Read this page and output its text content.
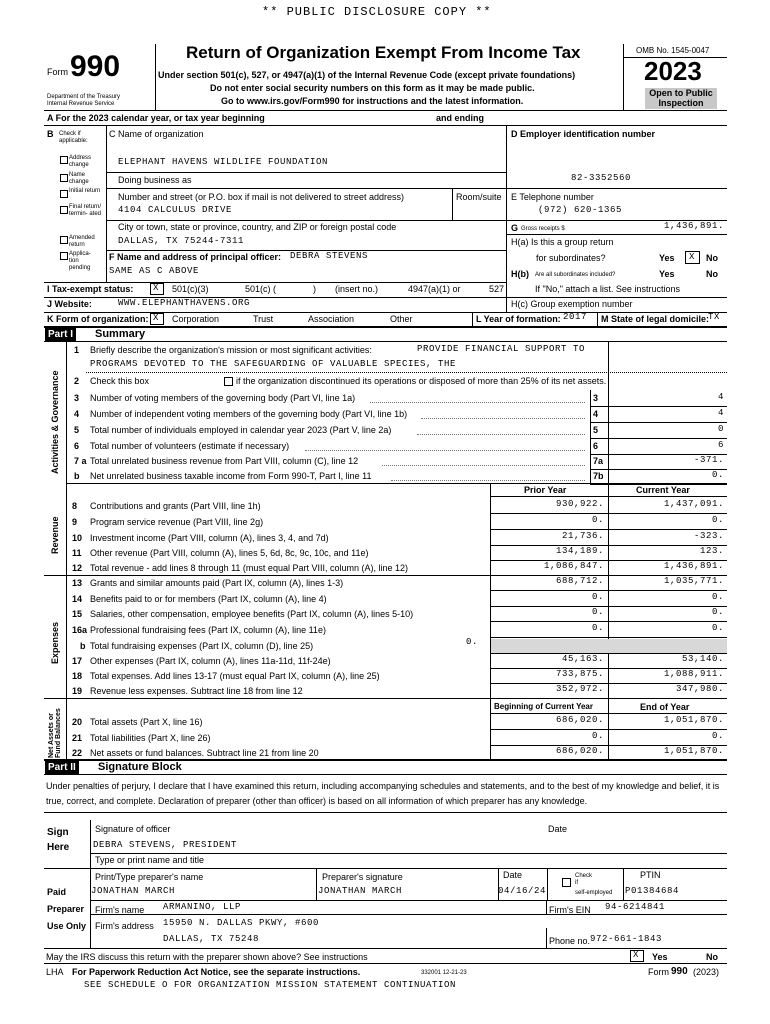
** PUBLIC DISCLOSURE COPY **
Form 990
Department of the Treasury
Internal Revenue Service
Return of Organization Exempt From Income Tax
Under section 501(c), 527, or 4947(a)(1) of the Internal Revenue Code (except private foundations)
Do not enter social security numbers on this form as it may be made public.
Go to www.irs.gov/Form990 for instructions and the latest information.
OMB No. 1545-0047
2023
Open to Public
Inspection
A For the 2023 calendar year, or tax year beginning	and ending
B Check if
applicable:
Address change
Name change
Initial return
Final return/ termin- ated
Amended return
Applica- tion pending
C Name of organization
ELEPHANT HAVENS WILDLIFE FOUNDATION
Doing business as
Number and street (or P.O. box if mail is not delivered to street address)	Room/suite
4104 CALCULUS DRIVE
City or town, state or province, country, and ZIP or foreign postal code
DALLAS, TX 75244-7311
F Name and address of principal officer: DEBRA STEVENS
SAME AS C ABOVE
D Employer identification number
82-3352560
E Telephone number
(972) 620-1365
G Gross receipts $	1,436,891.
H(a) Is this a group return
for subordinates?	Yes X No
H(b) Are all subordinates included?	Yes	No
If "No," attach a list. See instructions
I Tax-exempt status: X 501(c)(3)	501(c) (	) (insert no.)	4947(a)(1) or	527
J Website:	WWW.ELEPHANTHAVENS.ORG	H(c) Group exemption number
K Form of organization: X Corporation	Trust	Association	Other	L Year of formation: 2017 M State of legal domicile:
TX
Part I Summary
Activities & Governance
Revenue
Expenses
Net Assets or Fund Balances
1 Briefly describe the organization's mission or most significant activities:	PROVIDE FINANCIAL SUPPORT TO
PROGRAMS DEVOTED TO THE SAFEGUARDING OF VALUABLE SPECIES, THE
2 Check this box	if the organization discontinued its operations or disposed of more than 25% of its net assets.
Prior Year	Current Year
Beginning of Current Year	End of Year
Part II Signature Block
Under penalties of perjury, I declare that I have examined this return, including accompanying schedules and statements, and to the best of my knowledge and belief, it is
true, correct, and complete. Declaration of preparer (other than officer) is based on all information of which preparer has any knowledge.
Sign
Here
Signature of officer	Date
DEBRA STEVENS, PRESIDENT
Type or print name and title
Paid
Preparer
Use Only
Print/Type preparer's name
JONATHAN MARCH
Preparer's signature
JONATHAN MARCH
Date
04/16/24
Check
if
self-employed
PTIN
P01384684
Firm's name ARMANINO, LLP	Firm's EIN 94-6214841
Firm's address 15950 N. DALLAS PKWY, #600
DALLAS, TX 75248	Phone no. 972-661-1843
May the IRS discuss this return with the preparer shown above? See instructions	X Yes	No
LHA For Paperwork Reduction Act Notice, see the separate instructions.	332001 12-21-23	Form 990 (2023)
SEE SCHEDULE O FOR ORGANIZATION MISSION STATEMENT CONTINUATION
3 Number of voting members of the governing body (Part VI, line 1a)	3	4
4 Number of independent voting members of the governing body (Part VI, line 1b)	4	4
5 Total number of individuals employed in calendar year 2023 (Part V, line 2a)	5	0
6 Total number of volunteers (estimate if necessary)	6	6
7 a Total unrelated business revenue from Part VIII, column (C), line 12	7a	-371.
b Net unrelated business taxable income from Form 990-T, Part I, line 11	7b	0.
8 Contributions and grants (Part VIII, line 1h)	930,922.	1,437,091.
9 Program service revenue (Part VIII, line 2g)	0.	0.
10 Investment income (Part VIII, column (A), lines 3, 4, and 7d)	21,736.	-323.
11 Other revenue (Part VIII, column (A), lines 5, 6d, 8c, 9c, 10c, and 11e)	134,189.	123.
12 Total revenue - add lines 8 through 11 (must equal Part VIII, column (A), line 12)	1,086,847.	1,436,891.
13 Grants and similar amounts paid (Part IX, column (A), lines 1-3)	688,712.	1,035,771.
14 Benefits paid to or for members (Part IX, column (A), line 4)	0.	0.
15 Salaries, other compensation, employee benefits (Part IX, column (A), lines 5-10)	0.	0.
16a Professional fundraising fees (Part IX, column (A), line 11e)	0.	0.
b Total fundraising expenses (Part IX, column (D), line 25)	0.
17 Other expenses (Part IX, column (A), lines 11a-11d, 11f-24e)	45,163.	53,140.
18 Total expenses. Add lines 13-17 (must equal Part IX, column (A), line 25)	733,875.	1,088,911.
19 Revenue less expenses. Subtract line 18 from line 12	352,972.	347,980.
20 Total assets (Part X, line 16)	686,020.	1,051,870.
21 Total liabilities (Part X, line 26)	0.	0.
22 Net assets or fund balances. Subtract line 21 from line 20	686,020.	1,051,870.
